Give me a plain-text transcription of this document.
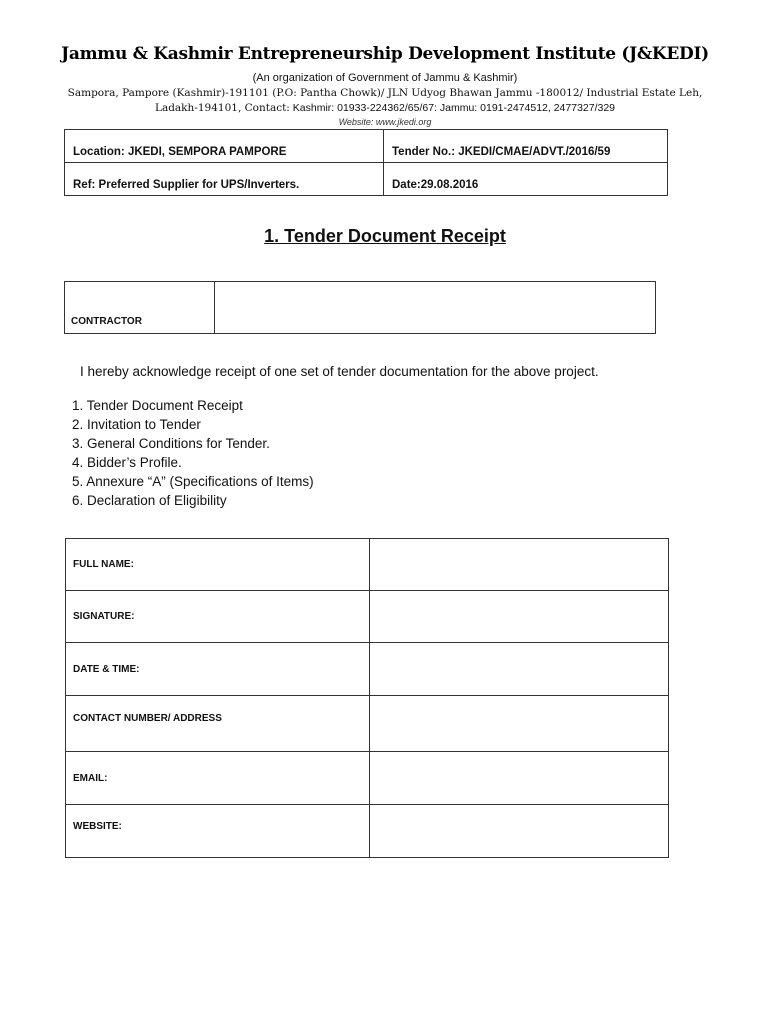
Jammu & Kashmir Entrepreneurship Development Institute (J&KEDI)
(An organization of Government of Jammu & Kashmir)
Sampora, Pampore (Kashmir)-191101 (P.O: Pantha Chowk)/ JLN Udyog Bhawan Jammu -180012/ Industrial Estate Leh,
Ladakh-194101, Contact: Kashmir: 01933-224362/65/67: Jammu: 0191-2474512, 2477327/329
Website: www.jkedi.org
Location: JKEDI, SEMPORA PAMPORE	Tender No.: JKEDI/CMAE/ADVT./2016/59
Ref: Preferred Supplier for UPS/Inverters.	Date:29.08.2016
1. Tender Document Receipt
CONTRACTOR	
I hereby acknowledge receipt of one set of tender documentation for the above project.
1. Tender Document Receipt
2. Invitation to Tender
3. General Conditions for Tender.
4. Bidder’s Profile.
5. Annexure “A” (Specifications of Items)
6. Declaration of Eligibility
FULL NAME:	
SIGNATURE:	
DATE & TIME:	
CONTACT NUMBER/ ADDRESS	
EMAIL:	
WEBSITE:	
